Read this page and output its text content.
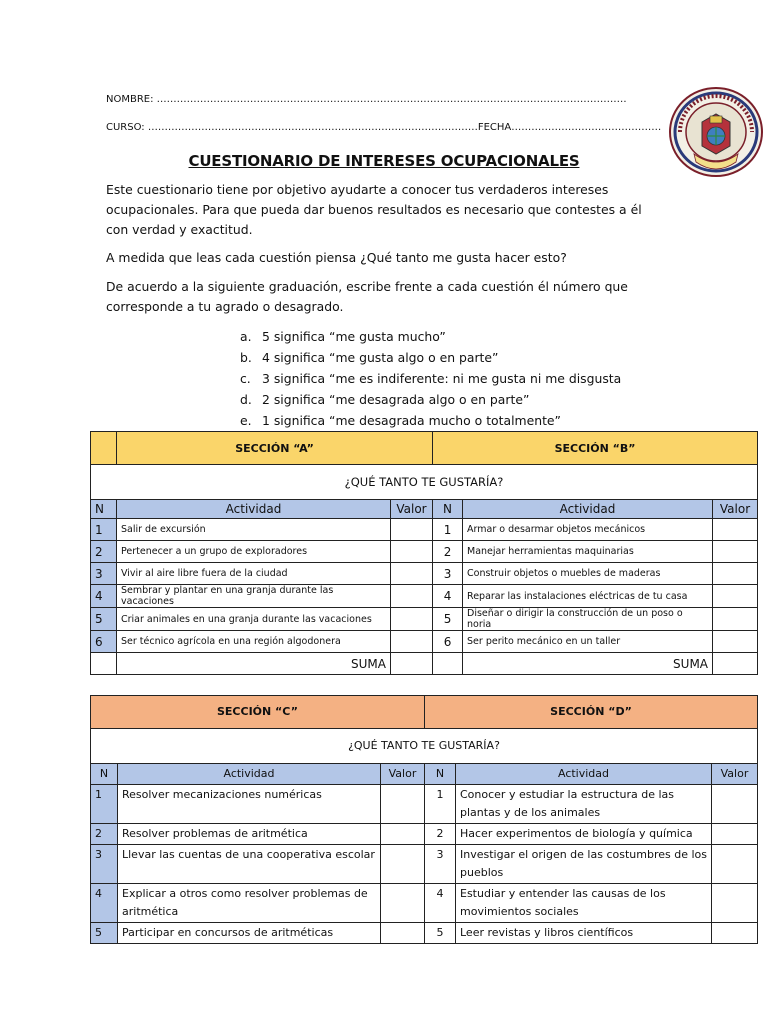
NOMBRE: ……………………………………………………………………………………………………………………………
CURSO: ………………………………………………………………………………………FECHA………………………………………
CUESTIONARIO DE INTERESES OCUPACIONALES
Este cuestionario tiene por objetivo ayudarte a conocer tus verdaderos intereses ocupacionales. Para que pueda dar buenos resultados es necesario que contestes a él con verdad y exactitud.
A medida que leas cada cuestión piensa ¿Qué tanto me gusta hacer esto?
De acuerdo a la siguiente graduación, escribe frente a cada cuestión él número que corresponde a tu agrado o desagrado.
a. 5 significa “me gusta mucho”
b. 4 significa “me gusta algo o en parte”
c. 3 significa “me es indiferente: ni me gusta ni me disgusta
d. 2 significa “me desagrada algo o en parte”
e. 1 significa “me desagrada mucho o totalmente”
	SECCIÓN “A”		SECCIÓN “B”		
¿QUÉ TANTO TE GUSTARÍA?					
N	Actividad	Valor	N	Actividad	Valor
1	Salir de excursión		1	Armar o desarmar objetos mecánicos	
2	Pertenecer a un grupo de exploradores		2	Manejar herramientas maquinarias	
3	Vivir al aire libre fuera de la ciudad		3	Construir objetos o muebles de maderas	
4	Sembrar y plantar en una granja durante las vacaciones		4	Reparar las instalaciones eléctricas de tu casa	
5	Criar animales en una granja durante las vacaciones		5	Diseñar o dirigir la construcción de un poso o noria	
6	Ser técnico agrícola en una región algodonera		6	Ser perito mecánico en un taller	
	SUMA			SUMA	
SECCIÓN “C”			SECCIÓN “D”		
¿QUÉ TANTO TE GUSTARÍA?					
N	Actividad	Valor	N	Actividad	Valor
1	Resolver mecanizaciones numéricas		1	Conocer y estudiar la estructura de las plantas y de los animales	
2	Resolver problemas de aritmética		2	Hacer experimentos de biología y química	
3	Llevar las cuentas de una cooperativa escolar		3	Investigar el origen de las costumbres de los pueblos	
4	Explicar a otros como resolver problemas de aritmética		4	Estudiar y entender las causas de los movimientos sociales	
5	Participar en concursos de aritméticas		5	Leer revistas y libros científicos	
